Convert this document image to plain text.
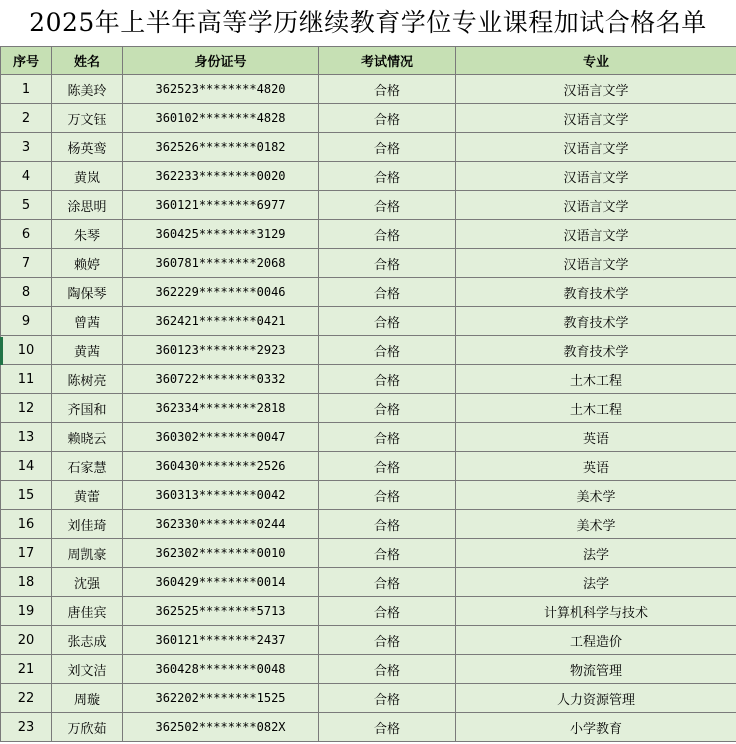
2025年上半年高等学历继续教育学位专业课程加试合格名单
序号	姓名	身份证号	考试情况	专业
1	陈美玲	362523********4820	合格	汉语言文学
2	万文钰	360102********4828	合格	汉语言文学
3	杨英鸾	362526********0182	合格	汉语言文学
4	黄岚	362233********0020	合格	汉语言文学
5	涂思明	360121********6977	合格	汉语言文学
6	朱琴	360425********3129	合格	汉语言文学
7	赖婷	360781********2068	合格	汉语言文学
8	陶保琴	362229********0046	合格	教育技术学
9	曾茜	362421********0421	合格	教育技术学
10	黄茜	360123********2923	合格	教育技术学
11	陈树亮	360722********0332	合格	土木工程
12	齐国和	362334********2818	合格	土木工程
13	赖晓云	360302********0047	合格	英语
14	石家慧	360430********2526	合格	英语
15	黄蕾	360313********0042	合格	美术学
16	刘佳琦	362330********0244	合格	美术学
17	周凯豪	362302********0010	合格	法学
18	沈强	360429********0014	合格	法学
19	唐佳宾	362525********5713	合格	计算机科学与技术
20	张志成	360121********2437	合格	工程造价
21	刘文洁	360428********0048	合格	物流管理
22	周璇	362202********1525	合格	人力资源管理
23	万欣茹	362502********082X	合格	小学教育
